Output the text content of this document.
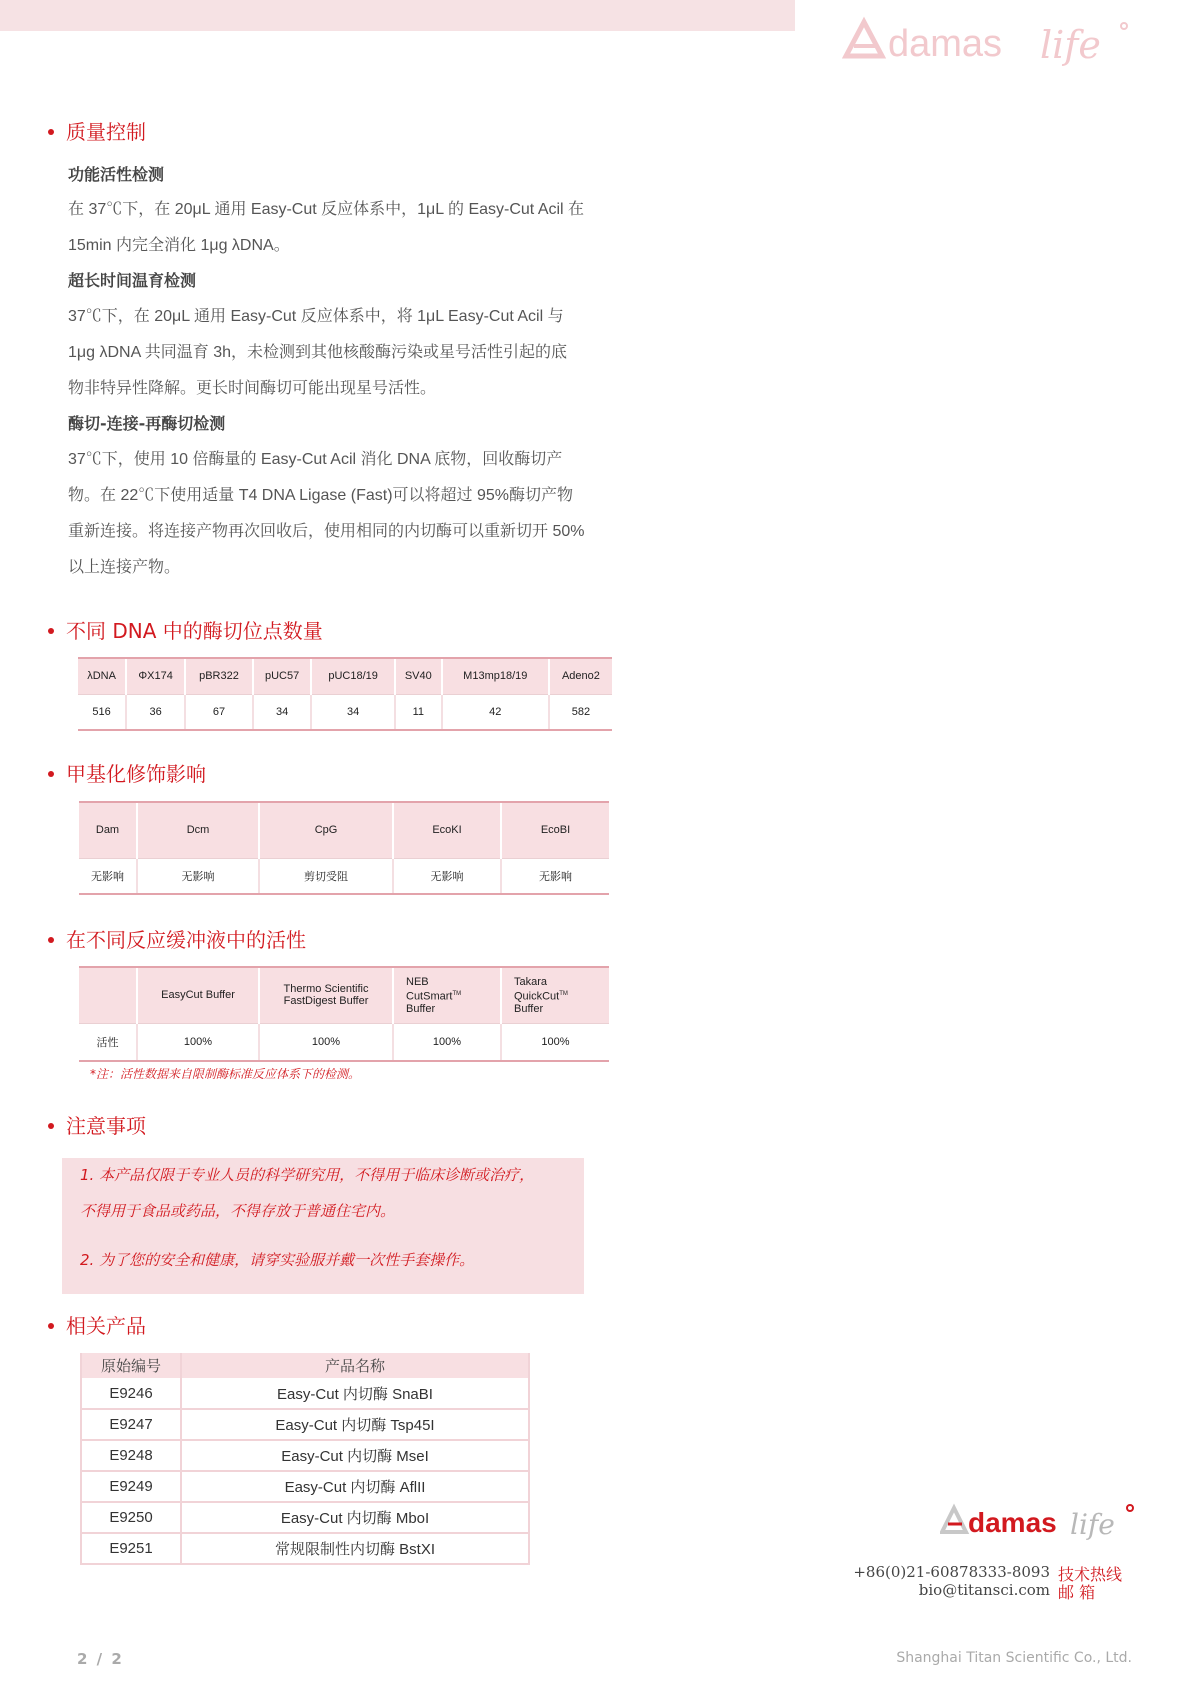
damas life
质量控制
功能活性检测
在 37℃下，在 20μL 通用 Easy-Cut 反应体系中，1μL 的 Easy-Cut Acil 在
15min 内完全消化 1μg λDNA。
超长时间温育检测
37℃下，在 20μL 通用 Easy-Cut 反应体系中，将 1μL Easy-Cut Acil 与
1μg λDNA 共同温育 3h，未检测到其他核酸酶污染或星号活性引起的底
物非特异性降解。更长时间酶切可能出现星号活性。
酶切-连接-再酶切检测
37℃下，使用 10 倍酶量的 Easy-Cut Acil 消化 DNA 底物，回收酶切产
物。在 22℃下使用适量 T4 DNA Ligase (Fast)可以将超过 95%酶切产物
重新连接。将连接产物再次回收后，使用相同的内切酶可以重新切开 50%
以上连接产物。
不同 DNA 中的酶切位点数量
λDNA	ΦX174	pBR322	pUC57	pUC18/19	SV40	M13mp18/19	Adeno2
516	36	67	34	34	11	42	582
甲基化修饰影响
Dam	Dcm	CpG	EcoKI	EcoBI
无影响	无影响	剪切受阻	无影响	无影响
在不同反应缓冲液中的活性
	EasyCut Buffer	Thermo Scientific
FastDigest Buffer	NEB
CutSmart™
Buffer	Takara
QuickCut™
Buffer
活性	100%	100%	100%	100%
*注：活性数据来自限制酶标准反应体系下的检测。
注意事项
1. 本产品仅限于专业人员的科学研究用，不得用于临床诊断或治疗，
不得用于食品或药品，不得存放于普通住宅内。
2. 为了您的安全和健康，请穿实验服并戴一次性手套操作。
相关产品
原始编号	产品名称
E9246	Easy-Cut 内切酶 SnaBI
E9247	Easy-Cut 内切酶 Tsp45I
E9248	Easy-Cut 内切酶 MseI
E9249	Easy-Cut 内切酶 AflII
E9250	Easy-Cut 内切酶 MboI
E9251	常规限制性内切酶 BstXI
damas life
+86(0)21-60878333-8093 技术热线
bio@titansci.com 邮 箱
2 / 2	Shanghai Titan Scientific Co., Ltd.
